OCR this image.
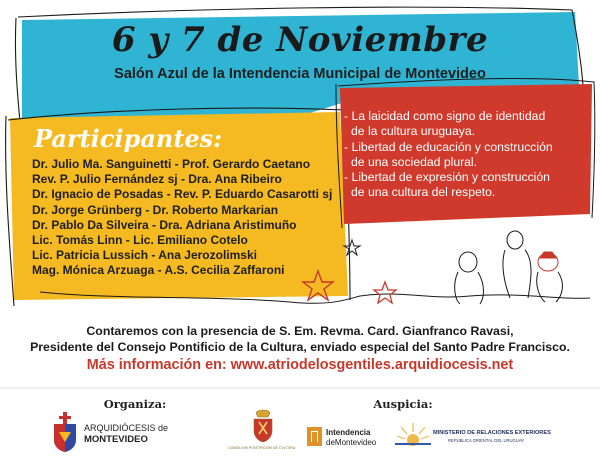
6 y 7 de Noviembre
Salón Azul de la Intendencia Municipal de Montevideo
Participantes:
Dr. Julio Ma. Sanguinetti - Prof. Gerardo Caetano
Rev. P. Julio Fernández sj - Dra. Ana Ribeiro
Dr. Ignacio de Posadas - Rev. P. Eduardo Casarotti sj
Dr. Jorge Grünberg - Dr. Roberto Markarian
Dr. Pablo Da Silveira - Dra. Adriana Aristimuño
Lic. Tomás Linn - Lic. Emiliano Cotelo
Lic. Patricia Lussich - Ana Jerozolimski
Mag. Mónica Arzuaga - A.S. Cecilia Zaffaroni
- La laicidad como signo de identidad
de la cultura uruguaya.
- Libertad de educación y construcción
de una sociedad plural.
- Libertad de expresión y construcción
de una cultura del respeto.
Contaremos con la presencia de S. Em. Revma. Card. Gianfranco Ravasi,
Presidente del Consejo Pontificio de la Cultura, enviado especial del Santo Padre Francisco.
Más información en: www.atriodelosgentiles.arquidiocesis.net
Organiza:	Auspicia:
ARQUIDIÓCESIS de
MONTEVIDEO
CONSILIVM PONTIFICIVM DE CVLTVRA
Intendencia
deMontevideo
MINISTERIO DE RELACIONES EXTERIORES
REPÚBLICA ORIENTAL DEL URUGUAY
